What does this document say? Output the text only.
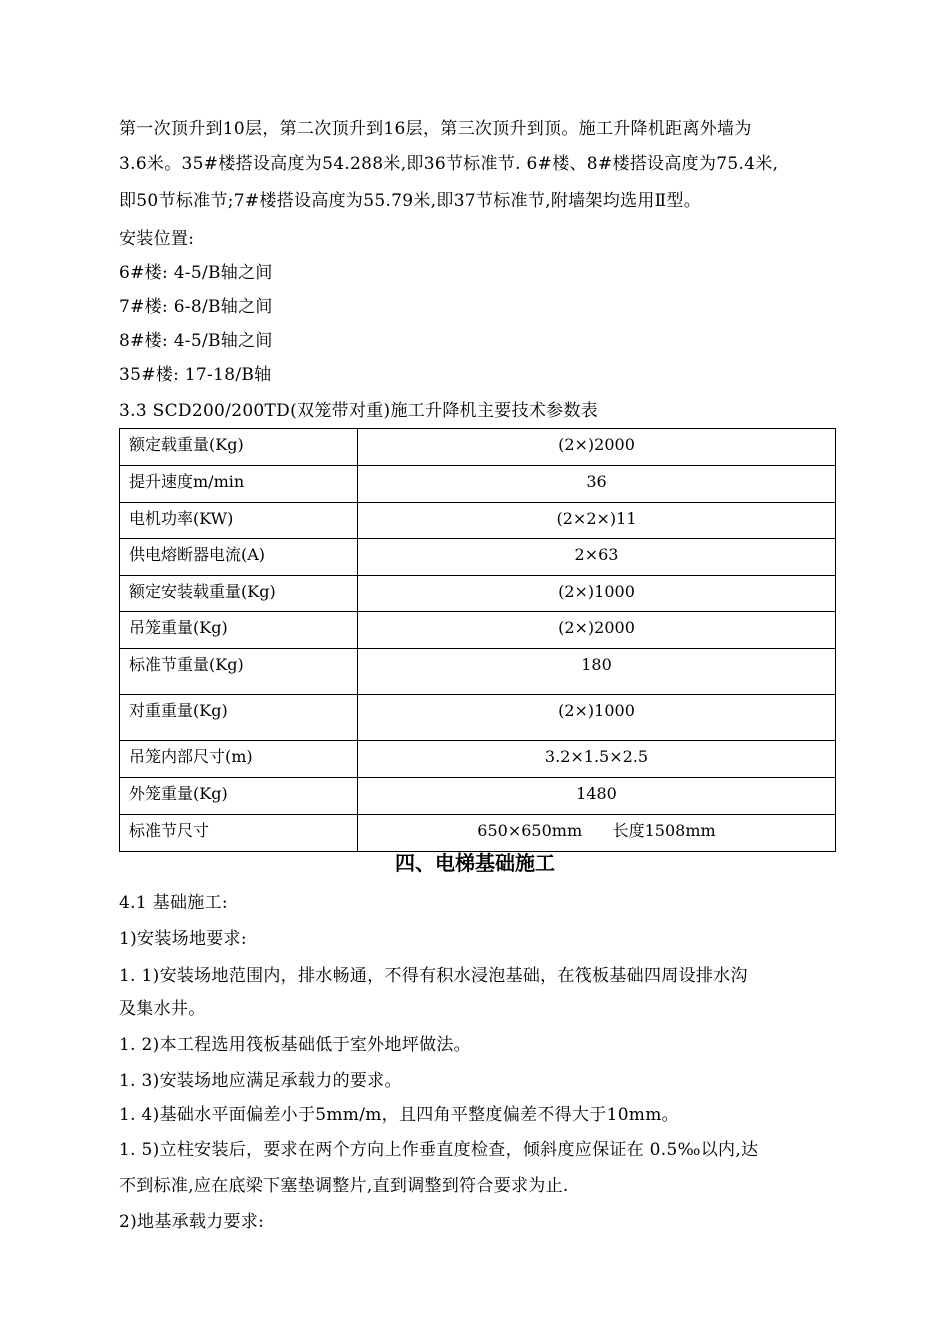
第一次顶升到10层，第二次顶升到16层，第三次顶升到顶。施工升降机距离外墙为
3.6米。35#楼搭设高度为54.288米,即36节标准节. 6#楼、8#楼搭设高度为75.4米,
即50节标准节;7#楼搭设高度为55.79米,即37节标准节,附墙架均选用Ⅱ型。
安装位置:
6#楼: 4-5/B轴之间
7#楼: 6-8/B轴之间
8#楼: 4-5/B轴之间
35#楼: 17-18/B轴
3.3 SCD200/200TD(双笼带对重)施工升降机主要技术参数表
额定载重量(Kg)	(2×)2000
提升速度m/min	36
电机功率(KW)	(2×2×)11
供电熔断器电流(A)	2×63
额定安装载重量(Kg)	(2×)1000
吊笼重量(Kg)	(2×)2000
标准节重量(Kg)	180
对重重量(Kg)	(2×)1000
吊笼内部尺寸(m)	3.2×1.5×2.5
外笼重量(Kg)	1480
标准节尺寸	650×650mm      长度1508mm
四、电梯基础施工
4.1 基础施工:
1)安装场地要求:
1. 1)安装场地范围内，排水畅通，不得有积水浸泡基础，在筏板基础四周设排水沟
及集水井。
1. 2)本工程选用筏板基础低于室外地坪做法。
1. 3)安装场地应满足承载力的要求。
1. 4)基础水平面偏差小于5mm/m，且四角平整度偏差不得大于10mm。
1. 5)立柱安装后，要求在两个方向上作垂直度检查，倾斜度应保证在 0.5‰以内,达
不到标准,应在底梁下塞垫调整片,直到调整到符合要求为止.
2)地基承载力要求:
